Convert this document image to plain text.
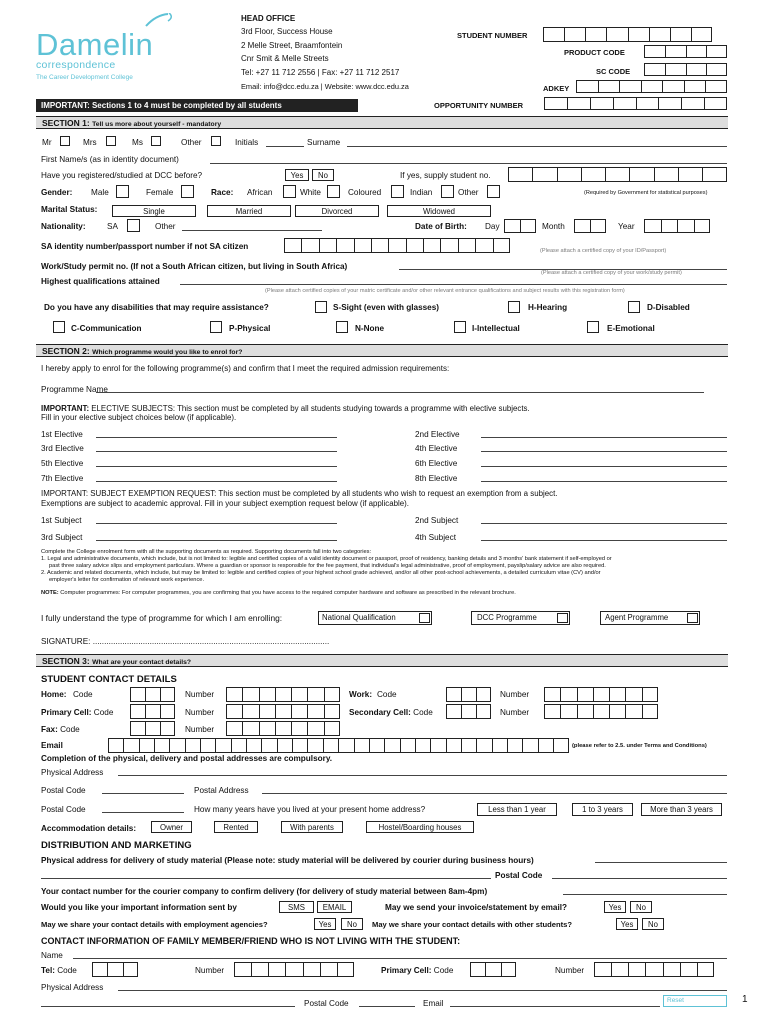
Damelin
correspondence
The Career Development College
HEAD OFFICE
3rd Floor, Success House
2 Melle Street, Braamfontein
Cnr Smit & Melle Streets
Tel: +27 11 712 2556 | Fax: +27 11 712 2517
Email: info@dcc.edu.za | Website: www.dcc.edu.za
STUDENT NUMBER
PRODUCT CODE
SC CODE
ADKEY
OPPORTUNITY NUMBER
IMPORTANT: Sections 1 to 4 must be completed by all students
SECTION 1: Tell us more about yourself - mandatory
Mr	Mrs	Ms	Other	Initials	Surname
First Name/s (as in identity document)
Have you registered/studied at DCC before?	Yes	No	If yes, supply student no.
Gender: Male	Female	Race: African	White	Coloured	Indian	Other	(Required by Government for statistical purposes)
Marital Status:	Single	Married	Divorced	Widowed
Nationality:	SA	Other	Date of Birth: Day	Month	Year
SA identity number/passport number if not SA citizen	(Please attach a certified copy of your ID/Passport)
Work/Study permit no. (If not a South African citizen, but living in South Africa)
(Please attach a certified copy of your work/study permit)
Highest qualifications attained
(Please attach certified copies of your matric certificate and/or other relevant entrance qualifications and subject results with this registration form)
Do you have any disabilities that may require assistance?	S-Sight (even with glasses)	H-Hearing	D-Disabled
C-Communication	P-Physical	N-None	I-Intellectual	E-Emotional
SECTION 2: Which programme would you like to enrol for?
I hereby apply to enrol for the following programme(s) and confirm that I meet the required admission requirements:
Programme Name
IMPORTANT: ELECTIVE SUBJECTS: This section must be completed by all students studying towards a programme with elective subjects.
Fill in your elective subject choices below (if applicable).
1st Elective	2nd Elective
3rd Elective	4th Elective
5th Elective	6th Elective
7th Elective	8th Elective
IMPORTANT: SUBJECT EXEMPTION REQUEST: This section must be completed by all students who wish to request an exemption from a subject.
Exemptions are subject to academic approval. Fill in your subject exemption request below (if applicable).
1st Subject	2nd Subject
3rd Subject	4th Subject
Complete the College enrolment form with all the supporting documents as required. Supporting documents fall into two categories:
1. Legal and administrative documents, which include, but is not limited to: legible and certified copies of a valid identity document or passport, proof of residency, banking details and 3 months' bank statement if self-employed or
past three salary advice slips and employment particulars. Where a guardian or sponsor is responsible for the fee payment, that individual's legal administrative, proof of employment, payslip/salary advice are also required.
2. Academic and related documents, which include, but may be limited to: legible and certified copies of your highest school grade achieved, and/or all other post-school achievements, a detailed curriculum vitae (CV) and/or
employer's letter for confirmation of relevant work experience.
NOTE: Computer programmes: For computer programmes, you are confirming that you have access to the required computer hardware and software as prescribed in the relevant brochure.
I fully understand the type of programme for which I am enrolling:	National Qualification	DCC Programme	Agent Programme
SIGNATURE: ........................................................................................................
SECTION 3: What are your contact details?
STUDENT CONTACT DETAILS
Home: Code	Number	Work: Code	Number
Primary Cell: Code	Number	Secondary Cell: Code	Number
Fax: Code	Number
Email	(please refer to 2.5. under Terms and Conditions)
Completion of the physical, delivery and postal addresses are compulsory.
Physical Address
Postal Code	Postal Address
Postal Code	How many years have you lived at your present home address?	Less than 1 year	1 to 3 years	More than 3 years
Accommodation details:	Owner	Rented	With parents	Hostel/Boarding houses
DISTRIBUTION AND MARKETING
Physical address for delivery of study material (Please note: study material will be delivered by courier during business hours)
Postal Code
Your contact number for the courier company to confirm delivery (for delivery of study material between 8am-4pm)
Would you like your important information sent by	SMS	EMAIL	May we send your invoice/statement by email?	Yes	No
May we share your contact details with employment agencies?	Yes	No	May we share your contact details with other students?	Yes	No
CONTACT INFORMATION OF FAMILY MEMBER/FRIEND WHO IS NOT LIVING WITH THE STUDENT:
Name
Tel: Code	Number	Primary Cell: Code	Number
Physical Address
Postal Code	Email	Reset	1
